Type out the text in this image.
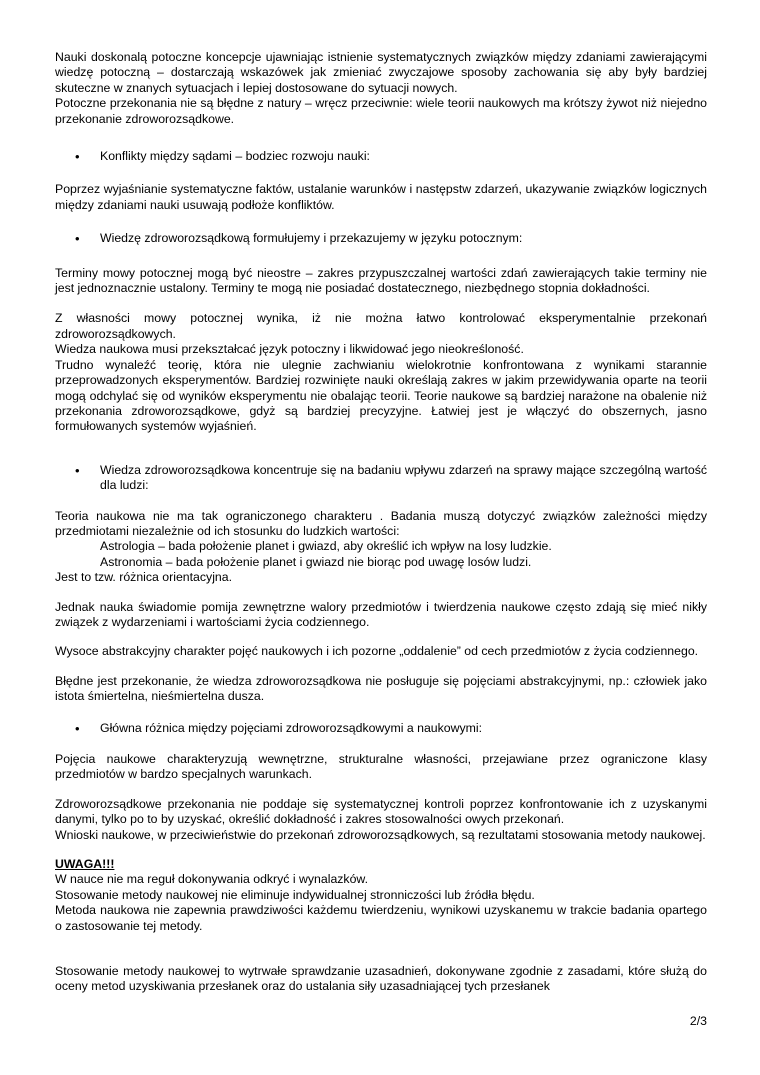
Nauki doskonalą potoczne koncepcje ujawniając istnienie systematycznych związków między zdaniami zawierającymi wiedzę potoczną – dostarczają wskazówek jak zmieniać zwyczajowe sposoby zachowania się aby były bardziej skuteczne w znanych sytuacjach i lepiej dostosowane do sytuacji nowych.

Potoczne przekonania nie są błędne z natury – wręcz przeciwnie: wiele teorii naukowych ma krótszy żywot niż niejedno przekonanie zdroworozsądkowe.

• Konflikty między sądami – bodziec rozwoju nauki:

Poprzez wyjaśnianie systematyczne faktów, ustalanie warunków i następstw zdarzeń, ukazywanie związków logicznych między zdaniami nauki usuwają podłoże konfliktów.

• Wiedzę zdroworozsądkową formułujemy i przekazujemy w języku potocznym:

Terminy mowy potocznej mogą być nieostre – zakres przypuszczalnej wartości zdań zawierających takie terminy nie jest jednoznacznie ustalony. Terminy te mogą nie posiadać dostatecznego, niezbędnego stopnia dokładności.

Z własności mowy potocznej wynika, iż nie można łatwo kontrolować eksperymentalnie przekonań zdroworozsądkowych.

Wiedza naukowa musi przekształcać język potoczny i likwidować jego nieokreśloność.

Trudno wynaleźć teorię, która nie ulegnie zachwianiu wielokrotnie konfrontowana z wynikami starannie przeprowadzonych eksperymentów. Bardziej rozwinięte nauki określają zakres w jakim przewidywania oparte na teorii mogą odchylać się od wyników eksperymentu nie obalając teorii. Teorie naukowe są bardziej narażone na obalenie niż przekonania zdroworozsądkowe, gdyż są bardziej precyzyjne. Łatwiej jest je włączyć do obszernych, jasno formułowanych systemów wyjaśnień.

• Wiedza zdroworozsądkowa koncentruje się na badaniu wpływu zdarzeń na sprawy mające szczególną wartość dla ludzi:

Teoria naukowa nie ma tak ograniczonego charakteru . Badania muszą dotyczyć związków zależności między przedmiotami niezależnie od ich stosunku do ludzkich wartości:

Astrologia – bada położenie planet i gwiazd, aby określić ich wpływ na losy ludzkie.

Astronomia – bada położenie planet i gwiazd nie biorąc pod uwagę losów ludzi.

Jest to tzw. różnica orientacyjna.

Jednak nauka świadomie pomija zewnętrzne walory przedmiotów i twierdzenia naukowe często zdają się mieć nikły związek z wydarzeniami i wartościami życia codziennego.

Wysoce abstrakcyjny charakter pojęć naukowych i ich pozorne „oddalenie” od cech przedmiotów z życia codziennego.

Błędne jest przekonanie, że wiedza zdroworozsądkowa nie posługuje się pojęciami abstrakcyjnymi, np.: człowiek jako istota śmiertelna, nieśmiertelna dusza.

• Główna różnica między pojęciami zdroworozsądkowymi a naukowymi:

Pojęcia naukowe charakteryzują wewnętrzne, strukturalne własności, przejawiane przez ograniczone klasy przedmiotów w bardzo specjalnych warunkach.

Zdroworozsądkowe przekonania nie poddaje się systematycznej kontroli poprzez konfrontowanie ich z uzyskanymi danymi, tylko po to by uzyskać, określić dokładność i zakres stosowalności owych przekonań.

Wnioski naukowe, w przeciwieństwie do przekonań zdroworozsądkowych, są rezultatami stosowania metody naukowej.

UWAGA!!!

W nauce nie ma reguł dokonywania odkryć i wynalazków.

Stosowanie metody naukowej nie eliminuje indywidualnej stronniczości lub źródła błędu.

Metoda naukowa nie zapewnia prawdziwości każdemu twierdzeniu, wynikowi uzyskanemu w trakcie badania opartego o zastosowanie tej metody.

Stosowanie metody naukowej to wytrwałe sprawdzanie uzasadnień, dokonywane zgodnie z zasadami, które służą do oceny metod uzyskiwania przesłanek oraz do ustalania siły uzasadniającej tych przesłanek

2/3
